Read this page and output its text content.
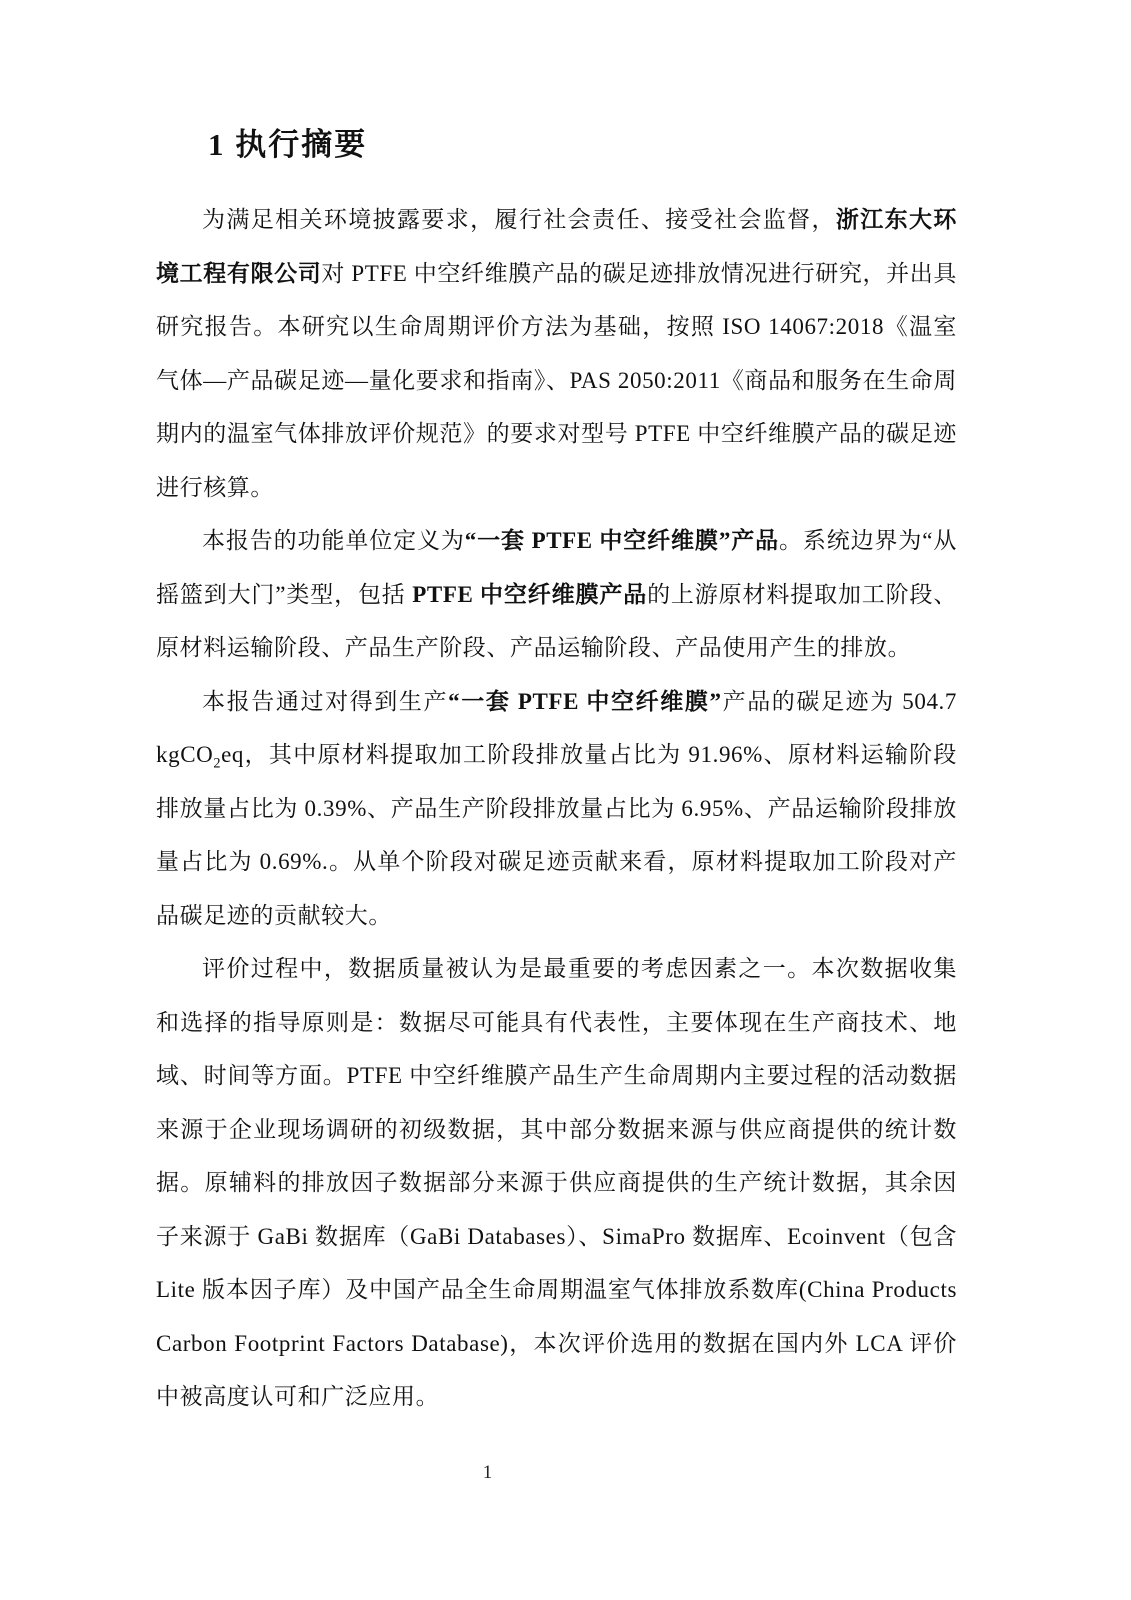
1 执行摘要

为满足相关环境披露要求，履行社会责任、接受社会监督，浙江东大环境工程有限公司对 PTFE 中空纤维膜产品的碳足迹排放情况进行研究，并出具研究报告。本研究以生命周期评价方法为基础，按照 ISO 14067:2018《温室气体—产品碳足迹—量化要求和指南》、PAS 2050:2011《商品和服务在生命周期内的温室气体排放评价规范》的要求对型号 PTFE 中空纤维膜产品的碳足迹进行核算。

本报告的功能单位定义为“一套 PTFE 中空纤维膜”产品。系统边界为“从摇篮到大门”类型，包括 PTFE 中空纤维膜产品的上游原材料提取加工阶段、原材料运输阶段、产品生产阶段、产品运输阶段、产品使用产生的排放。

本报告通过对得到生产“一套 PTFE 中空纤维膜”产品的碳足迹为 504.7 kgCO$_2$eq，其中原材料提取加工阶段排放量占比为 91.96%、原材料运输阶段排放量占比为 0.39%、产品生产阶段排放量占比为 6.95%、产品运输阶段排放量占比为 0.69%.。从单个阶段对碳足迹贡献来看，原材料提取加工阶段对产品碳足迹的贡献较大。

评价过程中，数据质量被认为是最重要的考虑因素之一。本次数据收集和选择的指导原则是：数据尽可能具有代表性，主要体现在生产商技术、地域、时间等方面。PTFE 中空纤维膜产品生产生命周期内主要过程的活动数据来源于企业现场调研的初级数据，其中部分数据来源与供应商提供的统计数据。原辅料的排放因子数据部分来源于供应商提供的生产统计数据，其余因子来源于 GaBi 数据库（GaBi Databases）、SimaPro 数据库、Ecoinvent（包含 Lite 版本因子库）及中国产品全生命周期温室气体排放系数库(China Products Carbon Footprint Factors Database)，本次评价选用的数据在国内外 LCA 评价中被高度认可和广泛应用。

1
